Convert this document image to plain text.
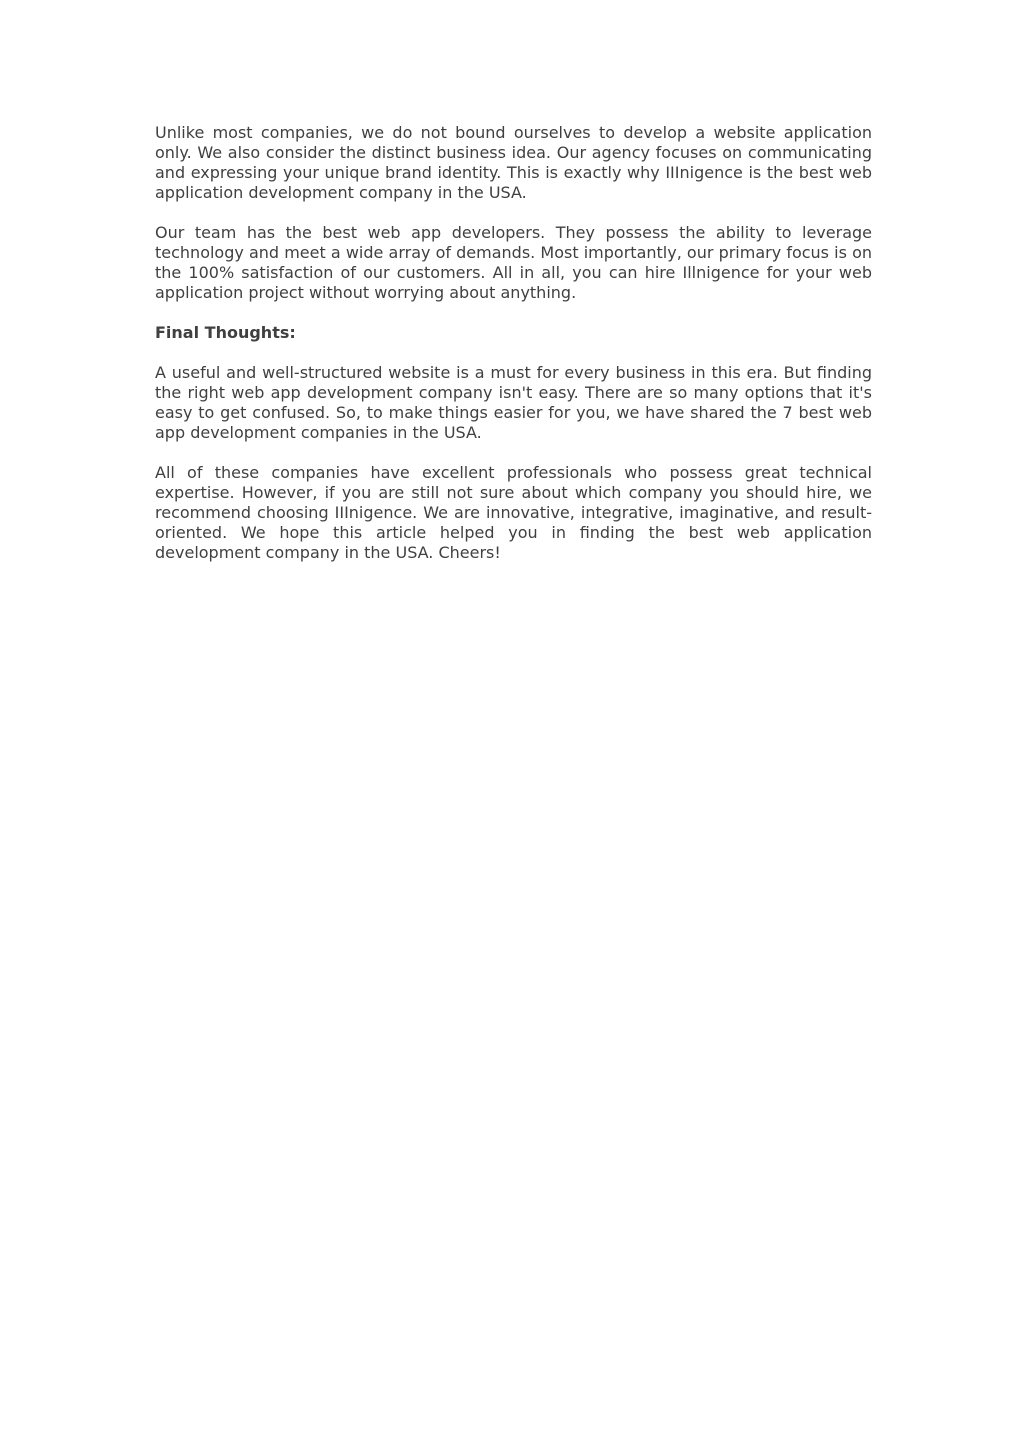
Unlike most companies, we do not bound ourselves to develop a website application only. We also consider the distinct business idea. Our agency focuses on communicating and expressing your unique brand identity. This is exactly why IIInigence is the best web application development company in the USA.

Our team has the best web app developers. They possess the ability to leverage technology and meet a wide array of demands. Most importantly, our primary focus is on the 100% satisfaction of our customers. All in all, you can hire Illnigence for your web application project without worrying about anything.

Final Thoughts:

A useful and well-structured website is a must for every business in this era. But finding the right web app development company isn't easy. There are so many options that it's easy to get confused. So, to make things easier for you, we have shared the 7 best web app development companies in the USA.

All of these companies have excellent professionals who possess great technical expertise. However, if you are still not sure about which company you should hire, we recommend choosing IIInigence. We are innovative, integrative, imaginative, and result-oriented. We hope this article helped you in finding the best web application development company in the USA. Cheers!
